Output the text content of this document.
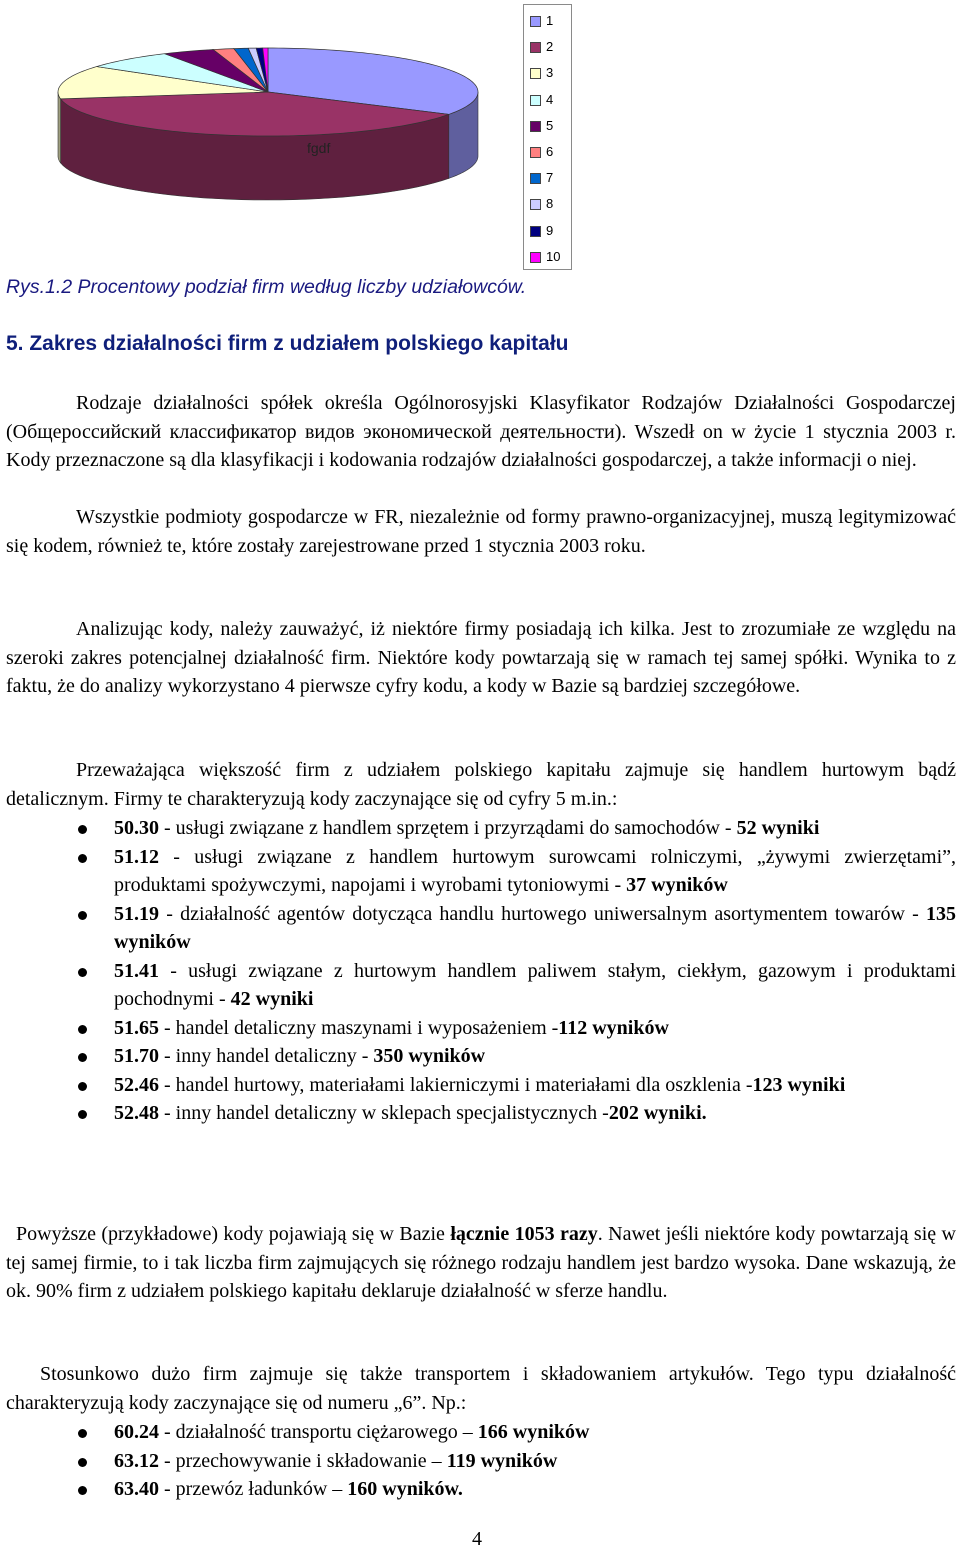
fgdf
1
2
3
4
5
6
7
8
9
10
Rys.1.2 Procentowy podział firm według liczby udziałowców.
5. Zakres działalności firm z udziałem polskiego kapitału
Rodzaje działalności spółek określa Ogólnorosyjski Klasyfikator Rodzajów Działalności Gospodarczej (Общероссийский классификатор видов экономической деятельности). Wszedł on w życie 1 stycznia 2003 r. Kody przeznaczone są dla klasyfikacji i kodowania rodzajów działalności gospodarczej, a także informacji o niej.
Wszystkie podmioty gospodarcze w FR, niezależnie od formy prawno-organizacyjnej, muszą legitymizować się kodem, również te, które zostały zarejestrowane przed 1 stycznia 2003 roku.
Analizując kody, należy zauważyć, iż niektóre firmy posiadają ich kilka. Jest to zrozumiałe ze względu na szeroki zakres potencjalnej działalność firm. Niektóre kody powtarzają się w ramach tej samej spółki. Wynika to z faktu, że do analizy wykorzystano 4 pierwsze cyfry kodu, a kody w Bazie są bardziej szczegółowe.
Przeważająca większość firm z udziałem polskiego kapitału zajmuje się handlem hurtowym bądź detalicznym. Firmy te charakteryzują kody zaczynające się od cyfry 5 m.in.:
50.30 - usługi związane z handlem sprzętem i przyrządami do samochodów - 52 wyniki
51.12 - usługi związane z handlem hurtowym surowcami rolniczymi, „żywymi zwierzętami”, produktami spożywczymi, napojami i wyrobami tytoniowymi - 37 wyników
51.19 - działalność agentów dotycząca handlu hurtowego uniwersalnym asortymentem towarów - 135 wyników
51.41 - usługi związane z hurtowym handlem paliwem stałym, ciekłym, gazowym i produktami pochodnymi - 42 wyniki
51.65 - handel detaliczny maszynami i wyposażeniem -112 wyników
51.70 - inny handel detaliczny - 350 wyników
52.46 - handel hurtowy, materiałami lakierniczymi i materiałami dla oszklenia -123 wyniki
52.48 - inny handel detaliczny w sklepach specjalistycznych -202 wyniki.
Powyższe (przykładowe) kody pojawiają się w Bazie łącznie 1053 razy. Nawet jeśli niektóre kody powtarzają się w tej samej firmie, to i tak liczba firm zajmujących się różnego rodzaju handlem jest bardzo wysoka. Dane wskazują, że ok. 90% firm z udziałem polskiego kapitału deklaruje działalność w sferze handlu.
Stosunkowo dużo firm zajmuje się także transportem i składowaniem artykułów. Tego typu działalność charakteryzują kody zaczynające się od numeru „6”. Np.:
60.24 - działalność transportu ciężarowego – 166 wyników
63.12 - przechowywanie i składowanie – 119 wyników
63.40 - przewóz ładunków – 160 wyników.
4
